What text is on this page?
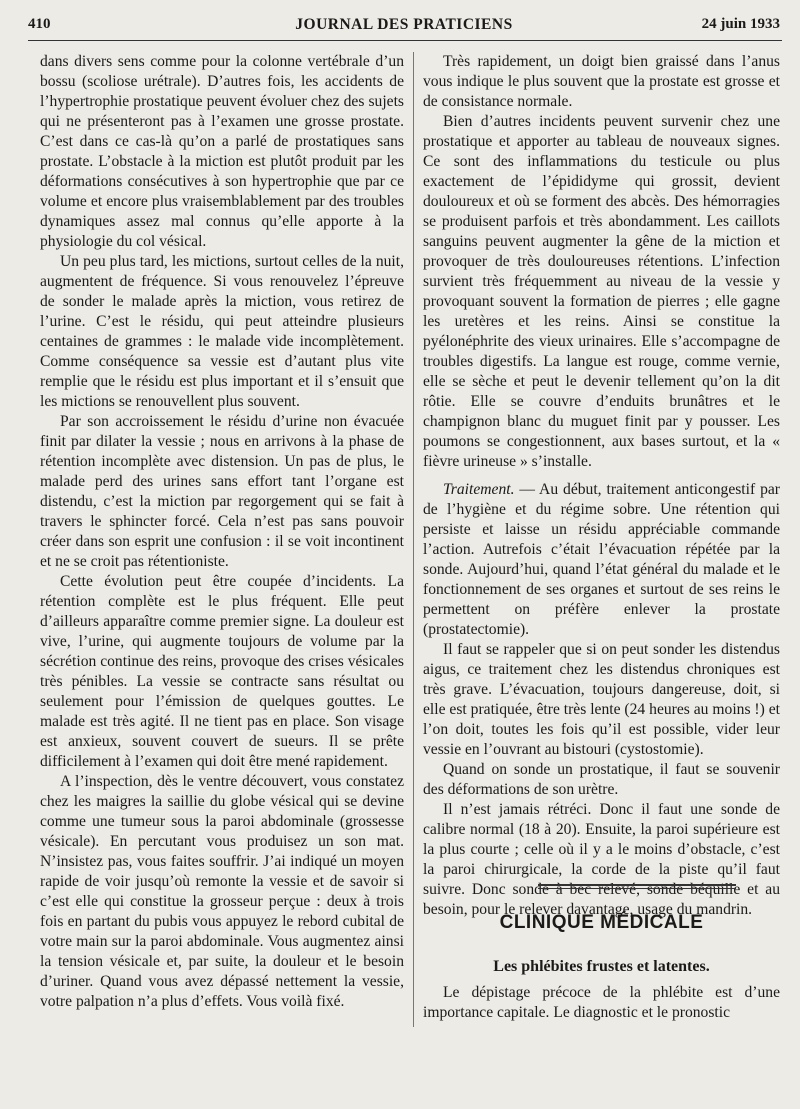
410	JOURNAL DES PRATICIENS	24 juin 1933

dans divers sens comme pour la colonne vertébrale d’un bossu (scoliose urétrale). D’autres fois, les accidents de l’hypertrophie prostatique peuvent évoluer chez des sujets qui ne présenteront pas à l’examen une grosse prostate. C’est dans ce cas-là qu’on a parlé de prostatiques sans prostate. L’obstacle à la miction est plutôt produit par les déformations consécutives à son hypertrophie que par ce volume et encore plus vraisemblablement par des troubles dynamiques assez mal connus qu’elle apporte à la physiologie du col vésical.

Un peu plus tard, les mictions, surtout celles de la nuit, augmentent de fréquence. Si vous renouvelez l’épreuve de sonder le malade après la miction, vous retirez de l’urine. C’est le résidu, qui peut atteindre plusieurs centaines de grammes : le malade vide incomplètement. Comme conséquence sa vessie est d’autant plus vite remplie que le résidu est plus important et il s’ensuit que les mictions se renouvellent plus souvent.

Par son accroissement le résidu d’urine non évacuée finit par dilater la vessie ; nous en arrivons à la phase de rétention incomplète avec distension. Un pas de plus, le malade perd des urines sans effort tant l’organe est distendu, c’est la miction par regorgement qui se fait à travers le sphincter forcé. Cela n’est pas sans pouvoir créer dans son esprit une confusion : il se voit incontinent et ne se croit pas rétentioniste.

Cette évolution peut être coupée d’incidents. La rétention complète est le plus fréquent. Elle peut d’ailleurs apparaître comme premier signe. La douleur est vive, l’urine, qui augmente toujours de volume par la sécrétion continue des reins, provoque des crises vésicales très pénibles. La vessie se contracte sans résultat ou seulement pour l’émission de quelques gouttes. Le malade est très agité. Il ne tient pas en place. Son visage est anxieux, souvent couvert de sueurs. Il se prête difficilement à l’examen qui doit être mené rapidement.

A l’inspection, dès le ventre découvert, vous constatez chez les maigres la saillie du globe vésical qui se devine comme une tumeur sous la paroi abdominale (grossesse vésicale). En percutant vous produisez un son mat. N’insistez pas, vous faites souffrir. J’ai indiqué un moyen rapide de voir jusqu’où remonte la vessie et de savoir si c’est elle qui constitue la grosseur perçue : deux à trois fois en partant du pubis vous appuyez le rebord cubital de votre main sur la paroi abdominale. Vous augmentez ainsi la tension vésicale et, par suite, la douleur et le besoin d’uriner. Quand vous avez dépassé nettement la vessie, votre palpation n’a plus d’effets. Vous voilà fixé.

Très rapidement, un doigt bien graissé dans l’anus vous indique le plus souvent que la prostate est grosse et de consistance normale.

Bien d’autres incidents peuvent survenir chez une prostatique et apporter au tableau de nouveaux signes. Ce sont des inflammations du testicule ou plus exactement de l’épididyme qui grossit, devient douloureux et où se forment des abcès. Des hémorragies se produisent parfois et très abondamment. Les caillots sanguins peuvent augmenter la gêne de la miction et provoquer de très douloureuses rétentions. L’infection survient très fréquemment au niveau de la vessie y provoquant souvent la formation de pierres ; elle gagne les uretères et les reins. Ainsi se constitue la pyélonéphrite des vieux urinaires. Elle s’accompagne de troubles digestifs. La langue est rouge, comme vernie, elle se sèche et peut le devenir tellement qu’on la dit rôtie. Elle se couvre d’enduits brunâtres et le champignon blanc du muguet finit par y pousser. Les poumons se congestionnent, aux bases surtout, et la « fièvre urineuse » s’installe.

Traitement. — Au début, traitement anticongestif par de l’hygiène et du régime sobre. Une rétention qui persiste et laisse un résidu appréciable commande l’action. Autrefois c’était l’évacuation répétée par la sonde. Aujourd’hui, quand l’état général du malade et le fonctionnement de ses organes et surtout de ses reins le permettent on préfère enlever la prostate (prostatectomie).

Il faut se rappeler que si on peut sonder les distendus aigus, ce traitement chez les distendus chroniques est très grave. L’évacuation, toujours dangereuse, doit, si elle est pratiquée, être très lente (24 heures au moins !) et l’on doit, toutes les fois qu’il est possible, vider leur vessie en l’ouvrant au bistouri (cystostomie).

Quand on sonde un prostatique, il faut se souvenir des déformations de son urètre.

Il n’est jamais rétréci. Donc il faut une sonde de calibre normal (18 à 20). Ensuite, la paroi supérieure est la plus courte ; celle où il y a le moins d’obstacle, c’est la paroi chirurgicale, la corde de la piste qu’il faut suivre. Donc sonde à bec relevé, sonde béquille et au besoin, pour le relever davantage, usage du mandrin.

CLINIQUE MÉDICALE
Les phlébites frustes et latentes.

Le dépistage précoce de la phlébite est d’une importance capitale. Le diagnostic et le pronostic
